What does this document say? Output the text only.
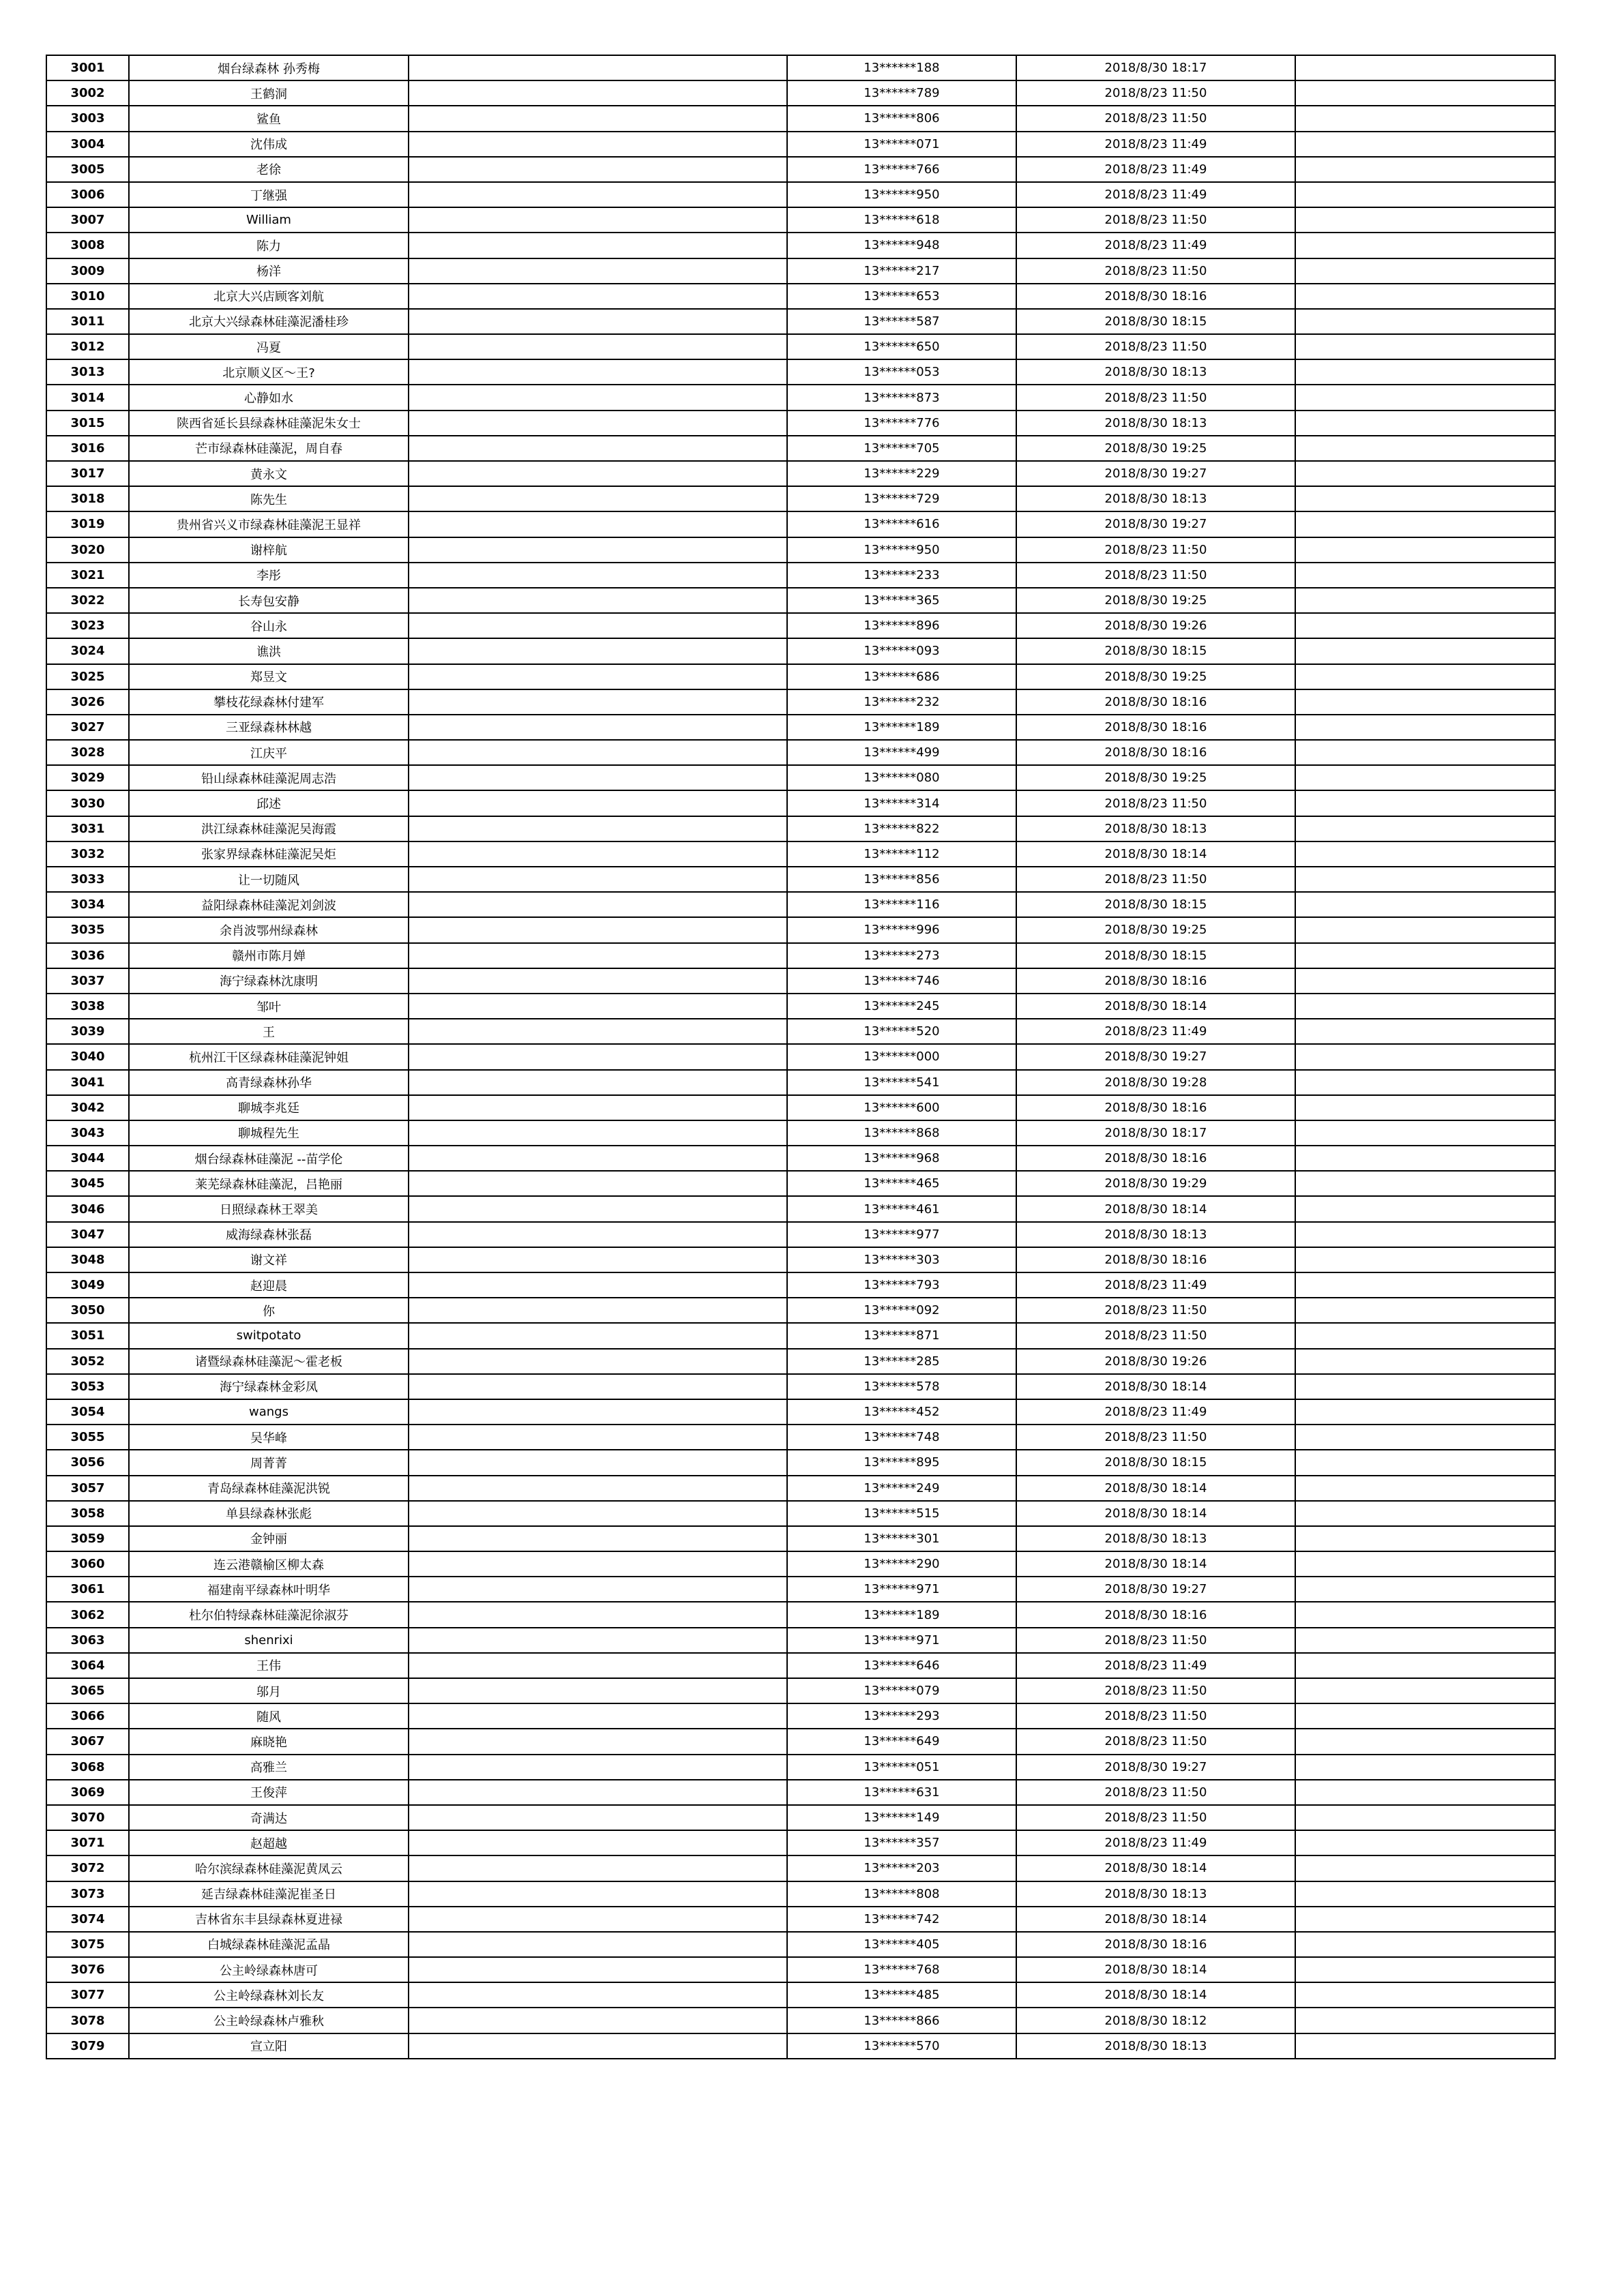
3001	烟台绿森林 孙秀梅		13******188	2018/8/30 18:17	
3002	王鹤洞		13******789	2018/8/23 11:50	
3003	鲨鱼		13******806	2018/8/23 11:50	
3004	沈伟成		13******071	2018/8/23 11:49	
3005	老徐		13******766	2018/8/23 11:49	
3006	丁继强		13******950	2018/8/23 11:49	
3007	William		13******618	2018/8/23 11:50	
3008	陈力		13******948	2018/8/23 11:49	
3009	杨洋		13******217	2018/8/23 11:50	
3010	北京大兴店顾客刘航		13******653	2018/8/30 18:16	
3011	北京大兴绿森林硅藻泥潘桂珍		13******587	2018/8/30 18:15	
3012	冯夏		13******650	2018/8/23 11:50	
3013	北京顺义区～王?		13******053	2018/8/30 18:13	
3014	心静如水		13******873	2018/8/23 11:50	
3015	陕西省延长县绿森林硅藻泥朱女士		13******776	2018/8/30 18:13	
3016	芒市绿森林硅藻泥，周自春		13******705	2018/8/30 19:25	
3017	黄永文		13******229	2018/8/30 19:27	
3018	陈先生		13******729	2018/8/30 18:13	
3019	贵州省兴义市绿森林硅藻泥王显祥		13******616	2018/8/30 19:27	
3020	谢梓航		13******950	2018/8/23 11:50	
3021	李彤		13******233	2018/8/23 11:50	
3022	长寿包安静		13******365	2018/8/30 19:25	
3023	谷山永		13******896	2018/8/30 19:26	
3024	谯洪		13******093	2018/8/30 18:15	
3025	郑昱文		13******686	2018/8/30 19:25	
3026	攀枝花绿森林付建军		13******232	2018/8/30 18:16	
3027	三亚绿森林林越		13******189	2018/8/30 18:16	
3028	江庆平		13******499	2018/8/30 18:16	
3029	铅山绿森林硅藻泥周志浩		13******080	2018/8/30 19:25	
3030	邱述		13******314	2018/8/23 11:50	
3031	洪江绿森林硅藻泥吴海霞		13******822	2018/8/30 18:13	
3032	张家界绿森林硅藻泥吴炬		13******112	2018/8/30 18:14	
3033	让一切随风		13******856	2018/8/23 11:50	
3034	益阳绿森林硅藻泥刘剑波		13******116	2018/8/30 18:15	
3035	余肖波鄂州绿森林		13******996	2018/8/30 19:25	
3036	赣州市陈月婵		13******273	2018/8/30 18:15	
3037	海宁绿森林沈康明		13******746	2018/8/30 18:16	
3038	邹叶		13******245	2018/8/30 18:14	
3039	王		13******520	2018/8/23 11:49	
3040	杭州江干区绿森林硅藻泥钟姐		13******000	2018/8/30 19:27	
3041	高青绿森林孙华		13******541	2018/8/30 19:28	
3042	聊城李兆廷		13******600	2018/8/30 18:16	
3043	聊城程先生		13******868	2018/8/30 18:17	
3044	烟台绿森林硅藻泥 --苗学伦		13******968	2018/8/30 18:16	
3045	莱芜绿森林硅藻泥，吕艳丽		13******465	2018/8/30 19:29	
3046	日照绿森林王翠美		13******461	2018/8/30 18:14	
3047	威海绿森林张磊		13******977	2018/8/30 18:13	
3048	谢文祥		13******303	2018/8/30 18:16	
3049	赵迎晨		13******793	2018/8/23 11:49	
3050	你		13******092	2018/8/23 11:50	
3051	switpotato		13******871	2018/8/23 11:50	
3052	诸暨绿森林硅藻泥～霍老板		13******285	2018/8/30 19:26	
3053	海宁绿森林金彩凤		13******578	2018/8/30 18:14	
3054	wangs		13******452	2018/8/23 11:49	
3055	吴华峰		13******748	2018/8/23 11:50	
3056	周菁菁		13******895	2018/8/30 18:15	
3057	青岛绿森林硅藻泥洪锐		13******249	2018/8/30 18:14	
3058	单县绿森林张彪		13******515	2018/8/30 18:14	
3059	金钟丽		13******301	2018/8/30 18:13	
3060	连云港赣榆区柳太森		13******290	2018/8/30 18:14	
3061	福建南平绿森林叶明华		13******971	2018/8/30 19:27	
3062	杜尔伯特绿森林硅藻泥徐淑芬		13******189	2018/8/30 18:16	
3063	shenrixi		13******971	2018/8/23 11:50	
3064	王伟		13******646	2018/8/23 11:49	
3065	邬月		13******079	2018/8/23 11:50	
3066	随风		13******293	2018/8/23 11:50	
3067	麻晓艳		13******649	2018/8/23 11:50	
3068	高雅兰		13******051	2018/8/30 19:27	
3069	王俊萍		13******631	2018/8/23 11:50	
3070	奇满达		13******149	2018/8/23 11:50	
3071	赵超越		13******357	2018/8/23 11:49	
3072	哈尔滨绿森林硅藻泥黄凤云		13******203	2018/8/30 18:14	
3073	延吉绿森林硅藻泥崔圣日		13******808	2018/8/30 18:13	
3074	吉林省东丰县绿森林夏进禄		13******742	2018/8/30 18:14	
3075	白城绿森林硅藻泥孟晶		13******405	2018/8/30 18:16	
3076	公主岭绿森林唐可		13******768	2018/8/30 18:14	
3077	公主岭绿森林刘长友		13******485	2018/8/30 18:14	
3078	公主岭绿森林卢雅秋		13******866	2018/8/30 18:12	
3079	宣立阳		13******570	2018/8/30 18:13	
